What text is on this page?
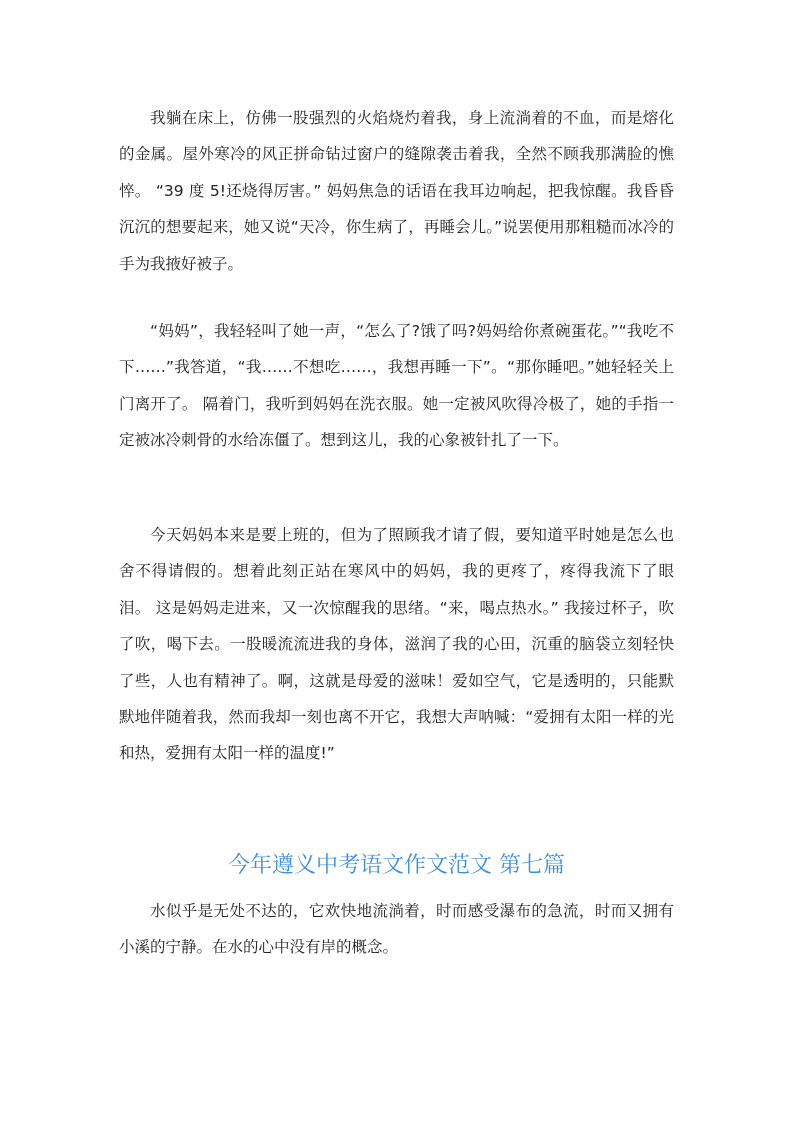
我躺在床上，仿佛一股强烈的火焰烧灼着我，身上流淌着的不血，而是熔化的金属。屋外寒冷的风正拼命钻过窗户的缝隙袭击着我，全然不顾我那满脸的憔悴。 “39 度 5!还烧得厉害。” 妈妈焦急的话语在我耳边响起，把我惊醒。我昏昏沉沉的想要起来，她又说“天冷，你生病了，再睡会儿。”说罢便用那粗糙而冰冷的手为我掖好被子。

“妈妈”，我轻轻叫了她一声，“怎么了?饿了吗?妈妈给你煮碗蛋花。”“我吃不下……”我答道，“我……不想吃……，我想再睡一下”。“那你睡吧。”她轻轻关上门离开了。 隔着门，我听到妈妈在洗衣服。她一定被风吹得冷极了，她的手指一定被冰冷刺骨的水给冻僵了。想到这儿，我的心象被针扎了一下。

今天妈妈本来是要上班的，但为了照顾我才请了假，要知道平时她是怎么也舍不得请假的。想着此刻正站在寒风中的妈妈，我的更疼了，疼得我流下了眼泪。 这是妈妈走进来，又一次惊醒我的思绪。“来，喝点热水。” 我接过杯子，吹了吹，喝下去。一股暖流流进我的身体，滋润了我的心田，沉重的脑袋立刻轻快了些，人也有精神了。啊，这就是母爱的滋味！爱如空气，它是透明的，只能默默地伴随着我，然而我却一刻也离不开它，我想大声呐喊：“爱拥有太阳一样的光和热，爱拥有太阳一样的温度!”

今年遵义中考语文作文范文 第七篇

水似乎是无处不达的，它欢快地流淌着，时而感受瀑布的急流，时而又拥有小溪的宁静。在水的心中没有岸的概念。
